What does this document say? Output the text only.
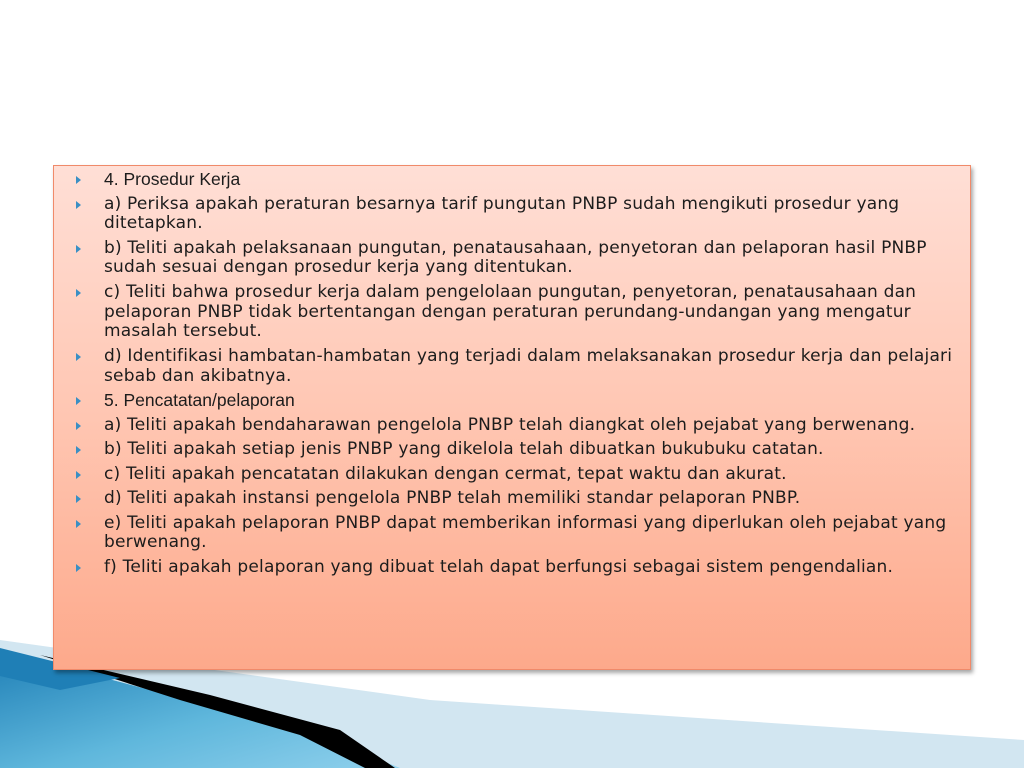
4. Prosedur Kerja
a) Periksa apakah peraturan besarnya tarif pungutan PNBP sudah mengikuti prosedur yang ditetapkan.
b) Teliti apakah pelaksanaan pungutan, penatausahaan, penyetoran dan pelaporan hasil PNBP sudah sesuai dengan prosedur kerja yang ditentukan.
c) Teliti bahwa prosedur kerja dalam pengelolaan pungutan, penyetoran, penatausahaan dan pelaporan PNBP tidak bertentangan dengan peraturan perundang-undangan yang mengatur masalah tersebut.
d) Identifikasi hambatan-hambatan yang terjadi dalam melaksanakan prosedur kerja dan pelajari sebab dan akibatnya.
5. Pencatatan/pelaporan
a) Teliti apakah bendaharawan pengelola PNBP telah diangkat oleh pejabat yang berwenang.
b) Teliti apakah setiap jenis PNBP yang dikelola telah dibuatkan bukubuku catatan.
c) Teliti apakah pencatatan dilakukan dengan cermat, tepat waktu dan akurat.
d) Teliti apakah instansi pengelola PNBP telah memiliki standar pelaporan PNBP.
e) Teliti apakah pelaporan PNBP dapat memberikan informasi yang diperlukan oleh pejabat yang berwenang.
f) Teliti apakah pelaporan yang dibuat telah dapat berfungsi sebagai sistem pengendalian.
